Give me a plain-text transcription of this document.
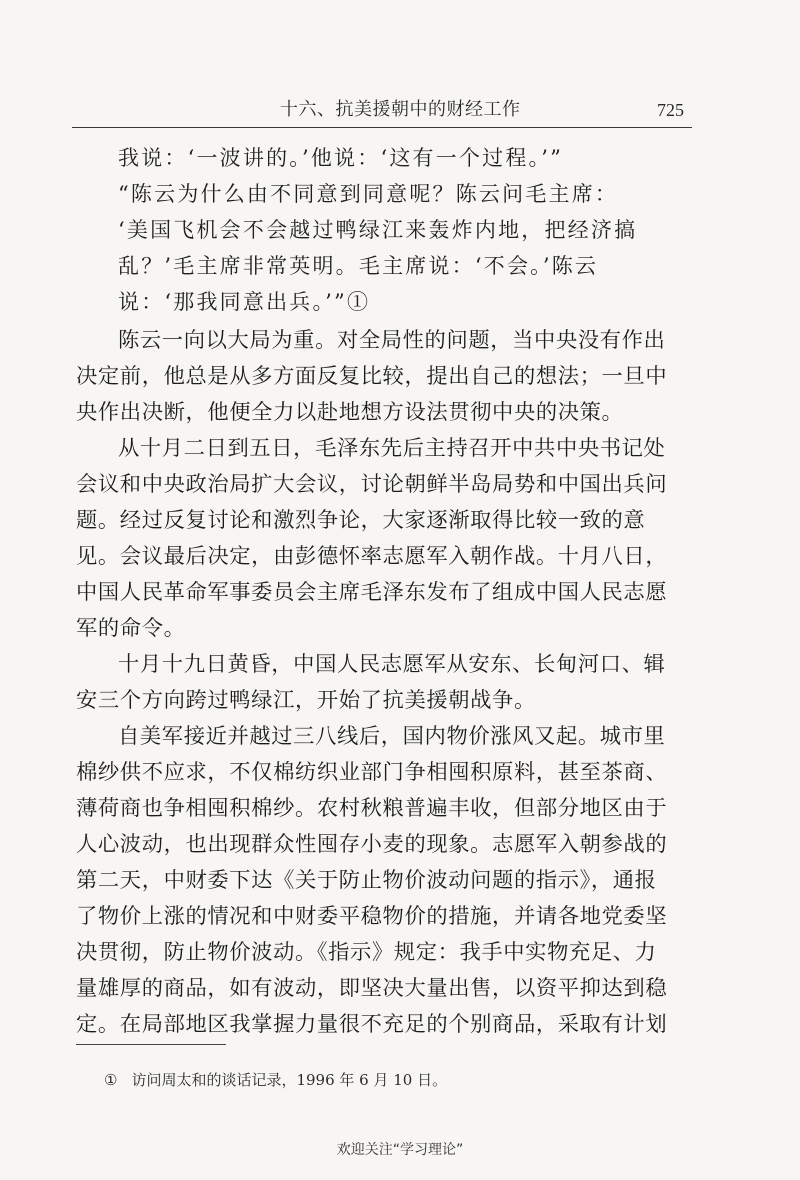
十六、抗美援朝中的财经工作	725
我说：‘一波讲的。’他说：‘这有一个过程。’”
“陈云为什么由不同意到同意呢？陈云问毛主席：
‘美国飞机会不会越过鸭绿江来轰炸内地，把经济搞
乱？’毛主席非常英明。毛主席说：‘不会。’陈云
说：‘那我同意出兵。’”①
陈云一向以大局为重。对全局性的问题，当中央没有作出
决定前，他总是从多方面反复比较，提出自己的想法；一旦中
央作出决断，他便全力以赴地想方设法贯彻中央的决策。
从十月二日到五日，毛泽东先后主持召开中共中央书记处
会议和中央政治局扩大会议，讨论朝鲜半岛局势和中国出兵问
题。经过反复讨论和激烈争论，大家逐渐取得比较一致的意
见。会议最后决定，由彭德怀率志愿军入朝作战。十月八日，
中国人民革命军事委员会主席毛泽东发布了组成中国人民志愿
军的命令。
十月十九日黄昏，中国人民志愿军从安东、长甸河口、辑
安三个方向跨过鸭绿江，开始了抗美援朝战争。
自美军接近并越过三八线后，国内物价涨风又起。城市里
棉纱供不应求，不仅棉纺织业部门争相囤积原料，甚至茶商、
薄荷商也争相囤积棉纱。农村秋粮普遍丰收，但部分地区由于
人心波动，也出现群众性囤存小麦的现象。志愿军入朝参战的
第二天，中财委下达《关于防止物价波动问题的指示》，通报
了物价上涨的情况和中财委平稳物价的措施，并请各地党委坚
决贯彻，防止物价波动。《指示》规定：我手中实物充足、力
量雄厚的商品，如有波动，即坚决大量出售，以资平抑达到稳
定。在局部地区我掌握力量很不充足的个别商品，采取有计划
① 访问周太和的谈话记录，1996 年 6 月 10 日。
欢迎关注“学习理论”
